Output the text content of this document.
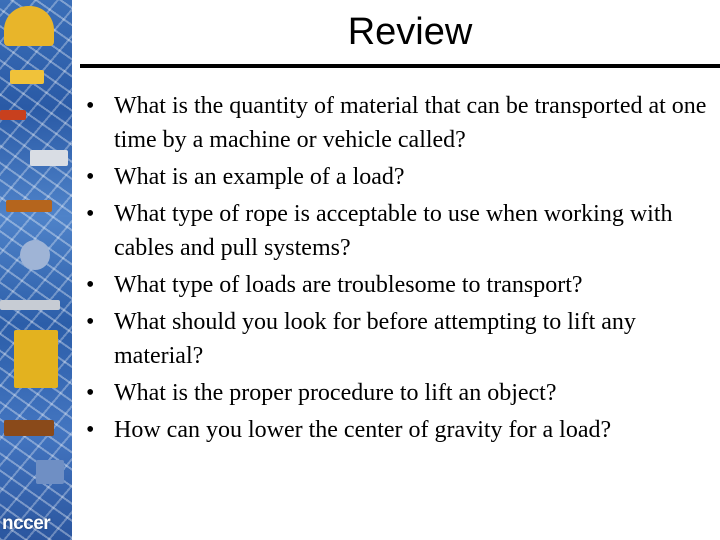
nccer
Review
• What is the quantity of material that can be transported at one time by a machine or vehicle called?
• What is an example of a load?
• What type of rope is acceptable to use when working with cables and pull systems?
• What type of loads are troublesome to transport?
• What should you look for before attempting to lift any material?
• What is the proper procedure to lift an object?
• How can you lower the center of gravity for a load?
